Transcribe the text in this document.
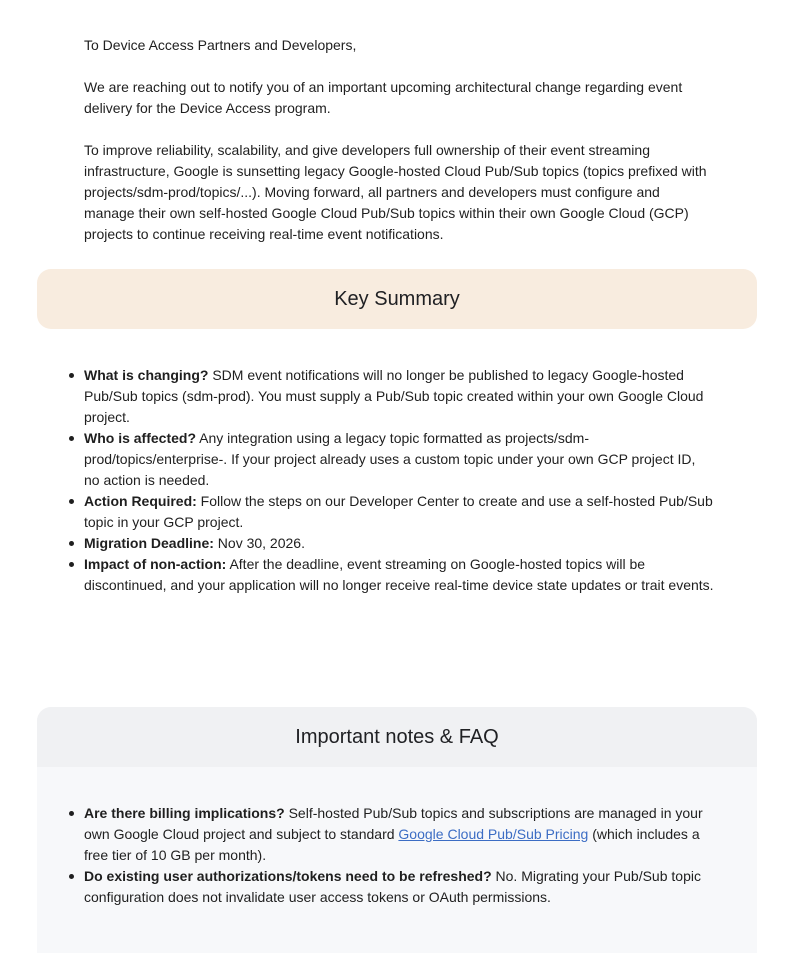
To Device Access Partners and Developers,

We are reaching out to notify you of an important upcoming architectural change regarding event delivery for the Device Access program.

To improve reliability, scalability, and give developers full ownership of their event streaming infrastructure, Google is sunsetting legacy Google-hosted Cloud Pub/Sub topics (topics prefixed with projects/sdm-prod/topics/...). Moving forward, all partners and developers must configure and manage their own self-hosted Google Cloud Pub/Sub topics within their own Google Cloud (GCP) projects to continue receiving real-time event notifications.

Key Summary
What is changing? SDM event notifications will no longer be published to legacy Google-hosted Pub/Sub topics (sdm-prod). You must supply a Pub/Sub topic created within your own Google Cloud project.
Who is affected? Any integration using a legacy topic formatted as projects/sdm-prod/topics/enterprise-. If your project already uses a custom topic under your own GCP project ID, no action is needed.
Action Required: Follow the steps on our Developer Center to create and use a self-hosted Pub/Sub topic in your GCP project.
Migration Deadline: Nov 30, 2026.
Impact of non-action: After the deadline, event streaming on Google-hosted topics will be discontinued, and your application will no longer receive real-time device state updates or trait events.
Important notes & FAQ
Are there billing implications? Self-hosted Pub/Sub topics and subscriptions are managed in your own Google Cloud project and subject to standard Google Cloud Pub/Sub Pricing (which includes a free tier of 10 GB per month).
Do existing user authorizations/tokens need to be refreshed? No. Migrating your Pub/Sub topic configuration does not invalidate user access tokens or OAuth permissions.
